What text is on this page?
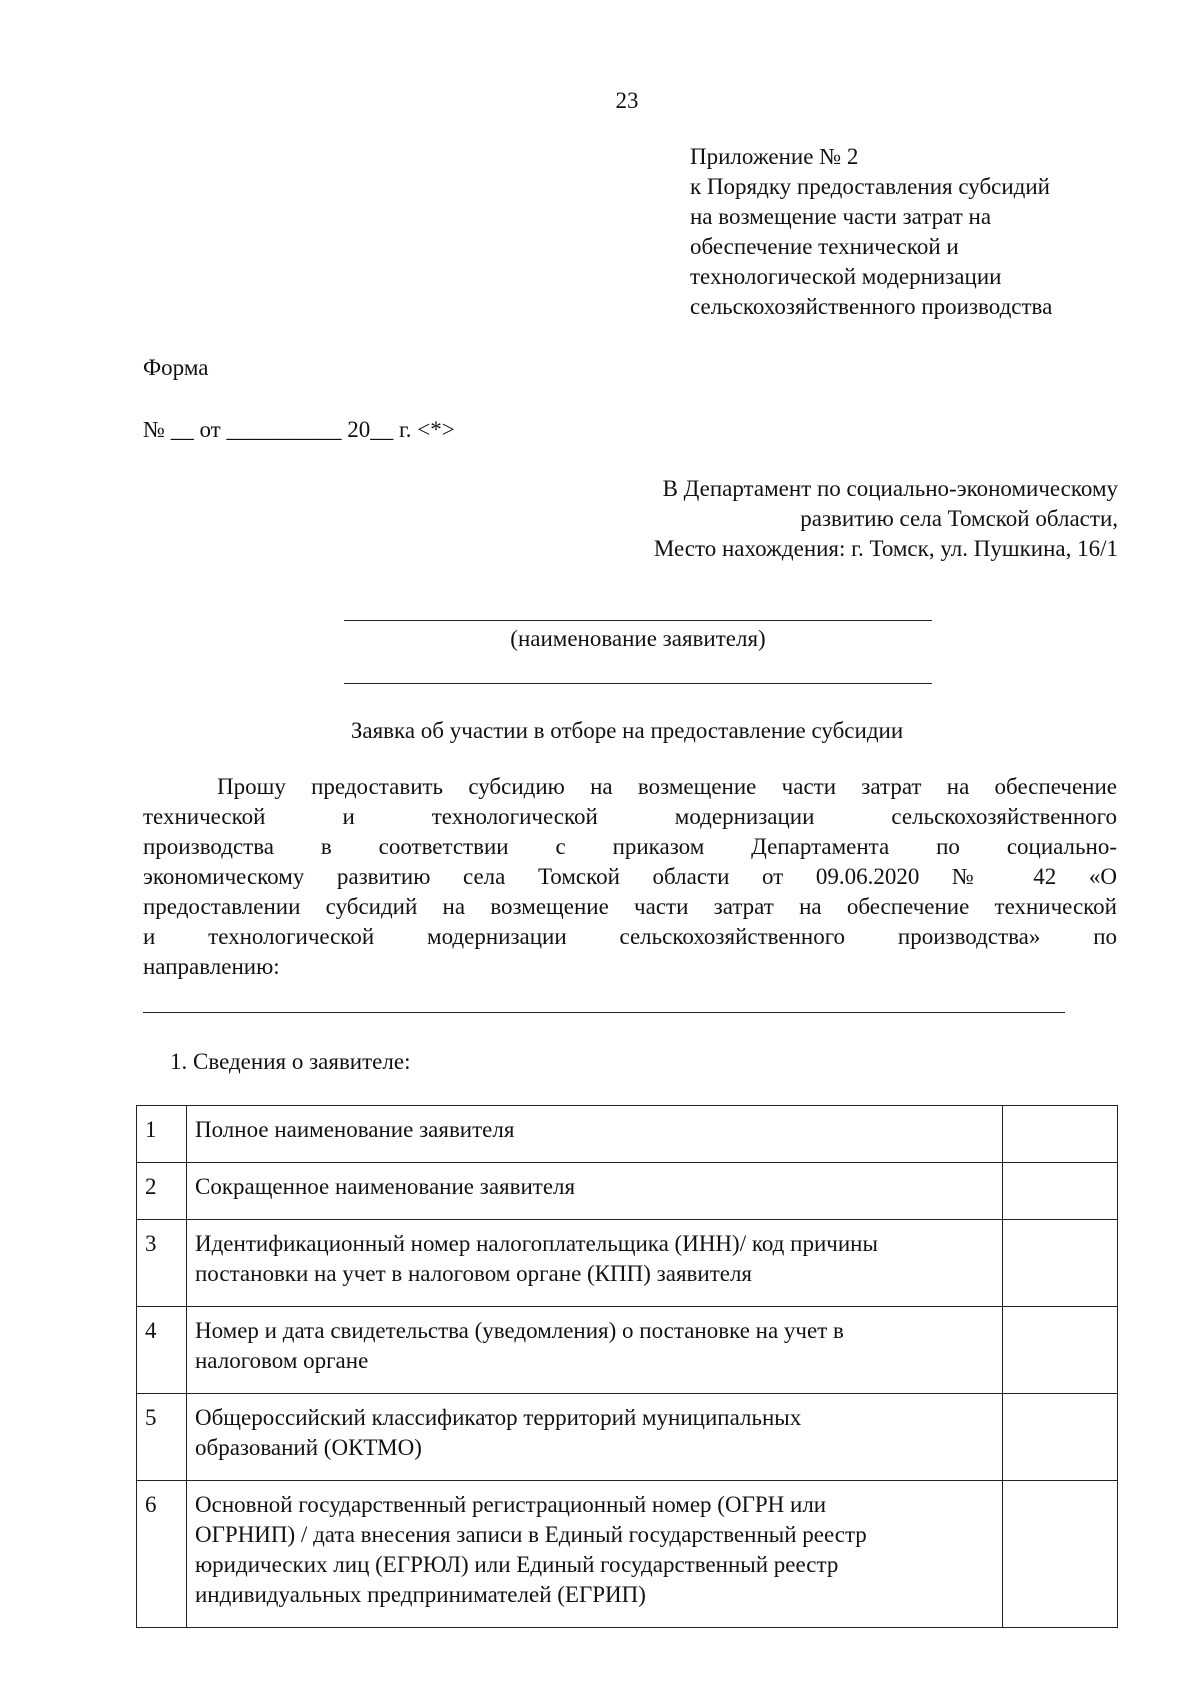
23
Приложение № 2
к Порядку предоставления субсидий
на возмещение части затрат на
обеспечение технической и
технологической модернизации
сельскохозяйственного производства
Форма
№ __ от __________ 20__ г. <*>
В Департамент по социально-экономическому
развитию села Томской области,
Место нахождения: г. Томск, ул. Пушкина, 16/1
(наименование заявителя)
Заявка об участии в отборе на предоставление субсидии
Прошу предоставить субсидию на возмещение части затрат на обеспечение
технической и технологической модернизации сельскохозяйственного
производства в соответствии с приказом Департамента по социально-
экономическому развитию села Томской области от 09.06.2020 № 42 «О
предоставлении субсидий на возмещение части затрат на обеспечение технической
и технологической модернизации сельскохозяйственного производства» по
направлению:
1. Сведения о заявителе:
1	Полное наименование заявителя	

2	Сокращенное наименование заявителя	

3	Идентификационный номер налогоплательщика (ИНН)/ код причины
постановки на учет в налоговом органе (КПП) заявителя	

4	Номер и дата свидетельства (уведомления) о постановке на учет в
налоговом органе	

5	Общероссийский классификатор территорий муниципальных
образований (ОКТМО)	

6	Основной государственный регистрационный номер (ОГРН или
ОГРНИП) / дата внесения записи в Единый государственный реестр
юридических лиц (ЕГРЮЛ) или Единый государственный реестр
индивидуальных предпринимателей (ЕГРИП)	
